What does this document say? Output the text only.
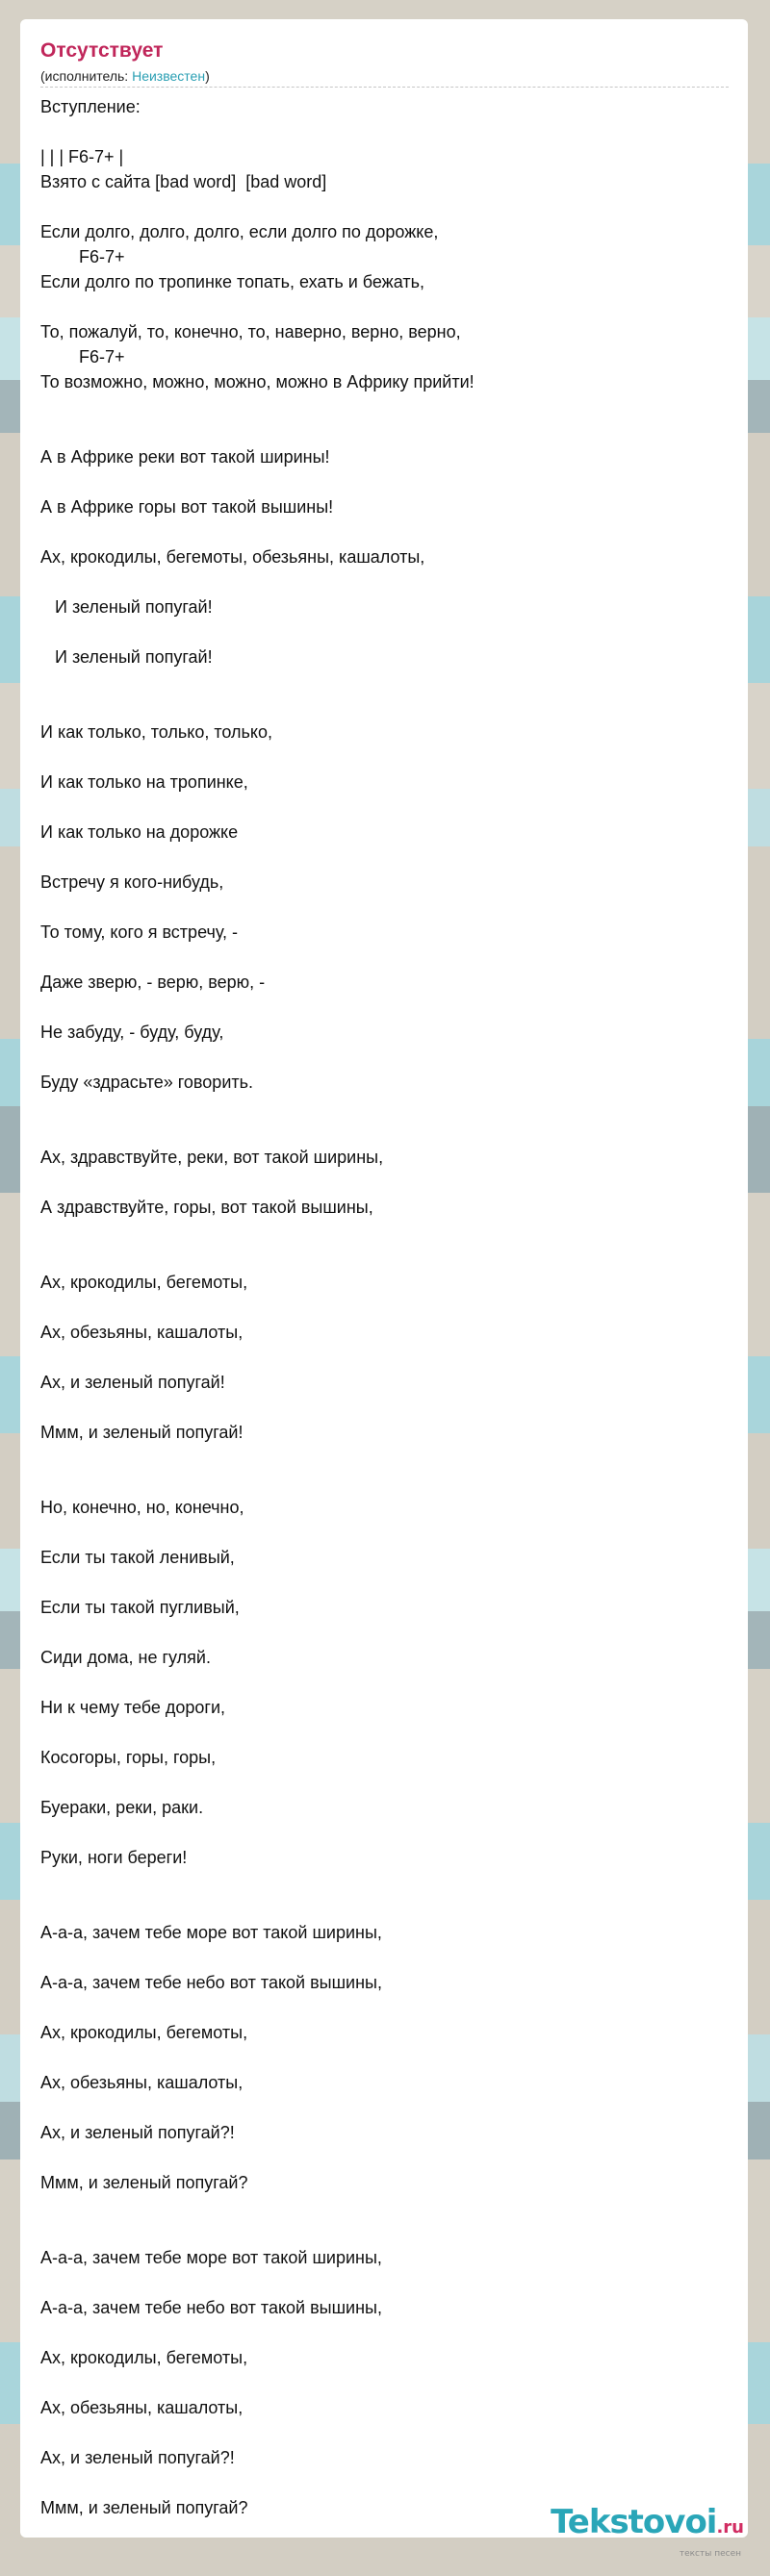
Отсутствует
(исполнитель: Неизвестен)
Вступление:

| | | F6-7+ |
Взято с сайта [bad word]  [bad word]

Если долго, долго, долго, если долго по дорожке,
F6-7+
Если долго по тропинке топать, ехать и бежать,

То, пожалуй, то, конечно, то, наверно, верно, верно,
F6-7+
То возможно, можно, можно, можно в Африку прийти!

А в Африке реки вот такой ширины!

А в Африке горы вот такой вышины!

Ах, крокодилы, бегемоты, обезьяны, кашалоты,

И зеленый попугай!

И зеленый попугай!

И как только, только, только,

И как только на тропинке,

И как только на дорожке

Встречу я кого-нибудь,

То тому, кого я встречу, -

Даже зверю, - верю, верю, -

Не забуду, - буду, буду,

Буду «здрасьте» говорить.

Ах, здравствуйте, реки, вот такой ширины,

А здравствуйте, горы, вот такой вышины,

Ах, крокодилы, бегемоты,

Ах, обезьяны, кашалоты,

Ах, и зеленый попугай!

Ммм, и зеленый попугай!

Но, конечно, но, конечно,

Если ты такой ленивый,

Если ты такой пугливый,

Сиди дома, не гуляй.

Ни к чему тебе дороги,

Косогоры, горы, горы,

Буераки, реки, раки.

Руки, ноги береги!

А-а-а, зачем тебе море вот такой ширины,

А-а-а, зачем тебе небо вот такой вышины,

Ах, крокодилы, бегемоты,

Ах, обезьяны, кашалоты,

Ах, и зеленый попугай?!

Ммм, и зеленый попугай?

А-а-а, зачем тебе море вот такой ширины,

А-а-а, зачем тебе небо вот такой вышины,

Ах, крокодилы, бегемоты,

Ах, обезьяны, кашалоты,

Ах, и зеленый попугай?!

Ммм, и зеленый попугай?	Tekstovoi.ru
тексты песен
